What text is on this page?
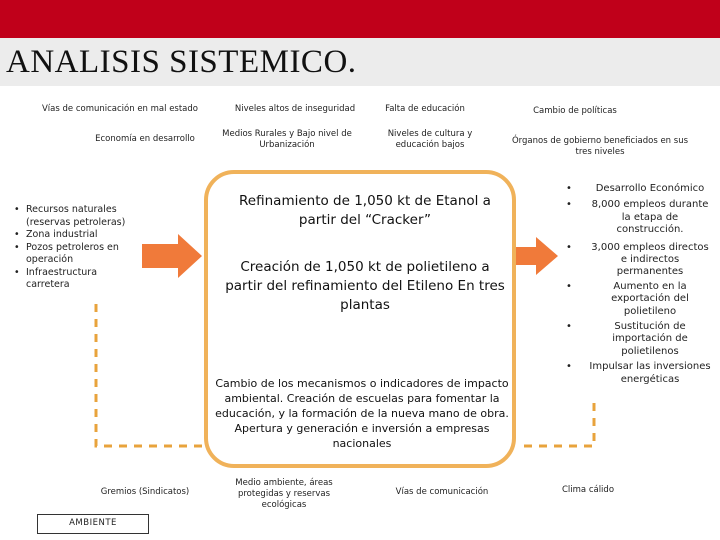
ANALISIS SISTEMICO.
Vías de comunicación en mal estado
Economía en desarrollo
Niveles altos de inseguridad
Medios Rurales y Bajo nivel de Urbanización
Falta de educación
Niveles de cultura y educación bajos
Cambio de políticas
Órganos de gobierno beneficiados en sus tres niveles
• Recursos naturales (reservas petroleras)
• Zona industrial
• Pozos petroleros en operación
• Infraestructura carretera
Refinamiento de 1,050 kt de Etanol a partir del “Cracker”
Creación de 1,050 kt de polietileno a partir del refinamiento del Etileno En tres plantas
Cambio de los mecanismos o indicadores de impacto ambiental. Creación de escuelas para fomentar la educación, y la formación de la nueva mano de obra. Apertura y generación e inversión a empresas nacionales
• Desarrollo Económico
• 8,000 empleos durante la etapa de construcción.
• 3,000 empleos directos e indirectos permanentes
• Aumento en la exportación del polietileno
• Sustitución de importación de polietilenos
• Impulsar las inversiones energéticas
Gremios (Sindicatos)
Medio ambiente, áreas protegidas y reservas ecológicas
Vías de comunicación	Clima cálido
AMBIENTE
